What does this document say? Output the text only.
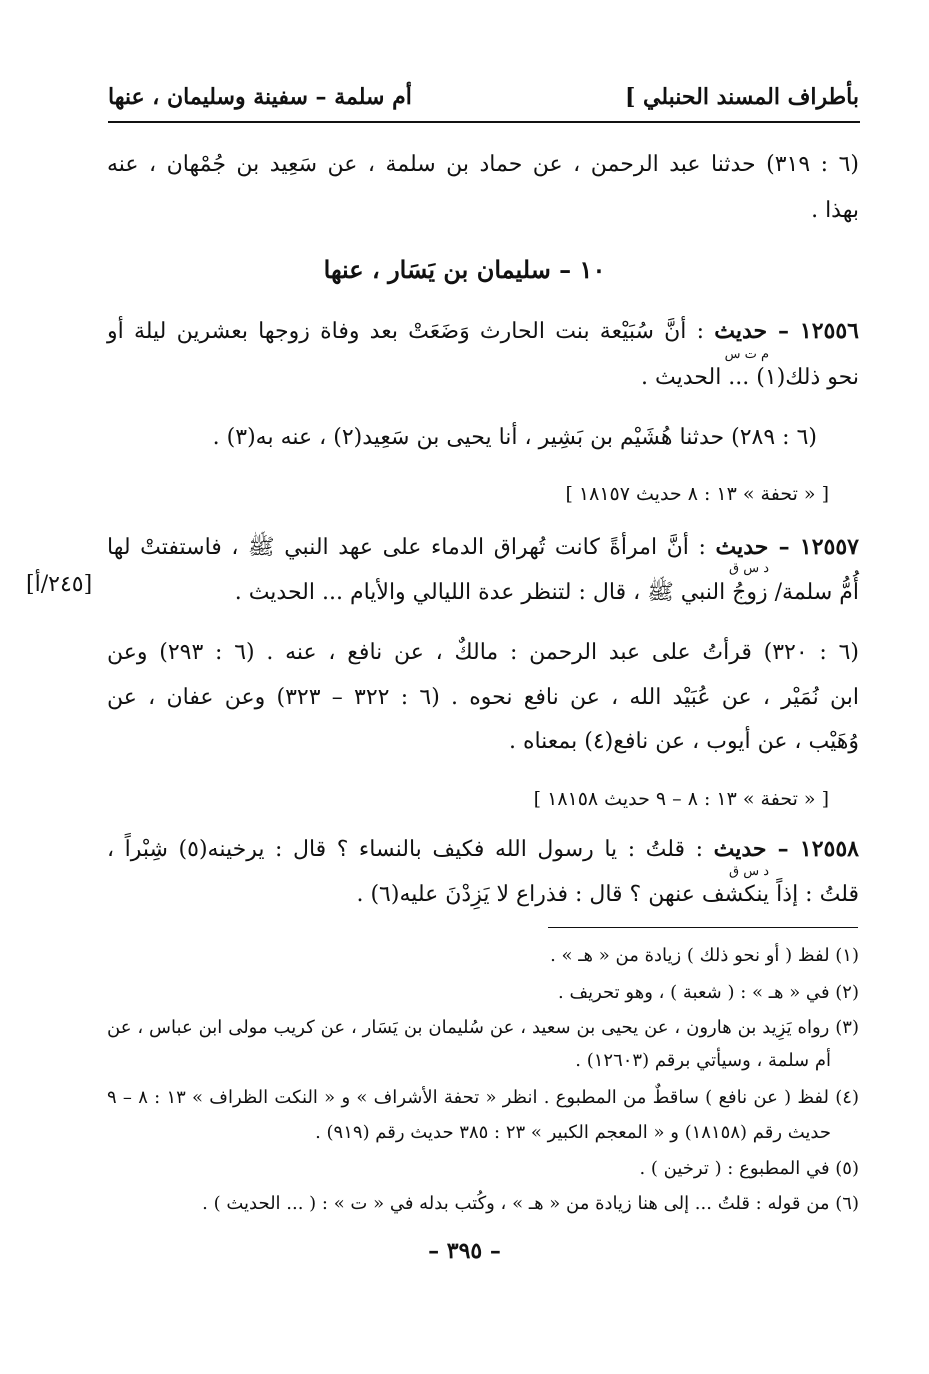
بأطراف المسند الحنبلي ]
أم سلمة – سفينة وسليمان ، عنها
(٦ : ٣١٩) حدثنا عبد الرحمن ، عن حماد بن سلمة ، عن سَعِيد بن جُمْهان ، عنه
بهذا .
١٠ – سليمان بن يَسَار ، عنها
١٢٥٥٦ – حديث : أنَّ سُبَيْعة بنت الحارث وَضَعَتْ بعد وفاة زوجها بعشرين ليلة أو
م ت س
نحو ذلك(١) ... الحديث .
(٦ : ٢٨٩) حدثنا هُشَيْم بن بَشِير ، أنا يحيى بن سَعِيد(٢) ، عنه به(٣) .
[ « تحفة » ١٣ : ٨ حديث ١٨١٥٧ ]
١٢٥٥٧ – حديث : أنَّ امرأةً كانت تُهراق الدماء على عهد النبي ﷺ ، فاستفتتْ لها
د س ق
أُمُّ سلمة/ زوجُ النبي ﷺ ، قال : لتنظر عدة الليالي والأيام ... الحديث .
[٢٤٥/أ]
(٦ : ٣٢٠) قرأتُ على عبد الرحمن : مالكٌ ، عن نافع ، عنه . (٦ : ٢٩٣) وعن
ابن نُمَيْر ، عن عُبَيْد الله ، عن نافع نحوه . (٦ : ٣٢٢ – ٣٢٣) وعن عفان ، عن
وُهَيْب ، عن أيوب ، عن نافع(٤) بمعناه .
[ « تحفة » ١٣ : ٨ – ٩ حديث ١٨١٥٨ ]
١٢٥٥٨ – حديث : قلتُ : يا رسول الله فكيف بالنساء ؟ قال : يرخينه(٥) شِبْراً ،
د س ق
قلتُ : إذاً ينكشف عنهن ؟ قال : فذراع لا يَزِدْنَ عليه(٦) .
(١) لفظ ( أو نحو ذلك ) زيادة من « هـ » .
(٢) في « هـ » : ( شعبة ) ، وهو تحريف .
(٣) رواه يَزِيد بن هارون ، عن يحيى بن سعيد ، عن سُليمان بن يَسَار ، عن كريب مولى ابن عباس ، عن
أم سلمة ، وسيأتي برقم (١٢٦٠٣) .
(٤) لفظ ( عن نافع ) ساقطٌ من المطبوع . انظر « تحفة الأشراف » و « النكت الظراف » ١٣ : ٨ – ٩
حديث رقم (١٨١٥٨) و « المعجم الكبير » ٢٣ : ٣٨٥ حديث رقم (٩١٩) .
(٥) في المطبوع : ( ترخين ) .
(٦) من قوله : قلتُ ... إلى هنا زيادة من « هـ » ، وكُتب بدله في « ت » : ( ... الحديث ) .
– ٣٩٥ –
